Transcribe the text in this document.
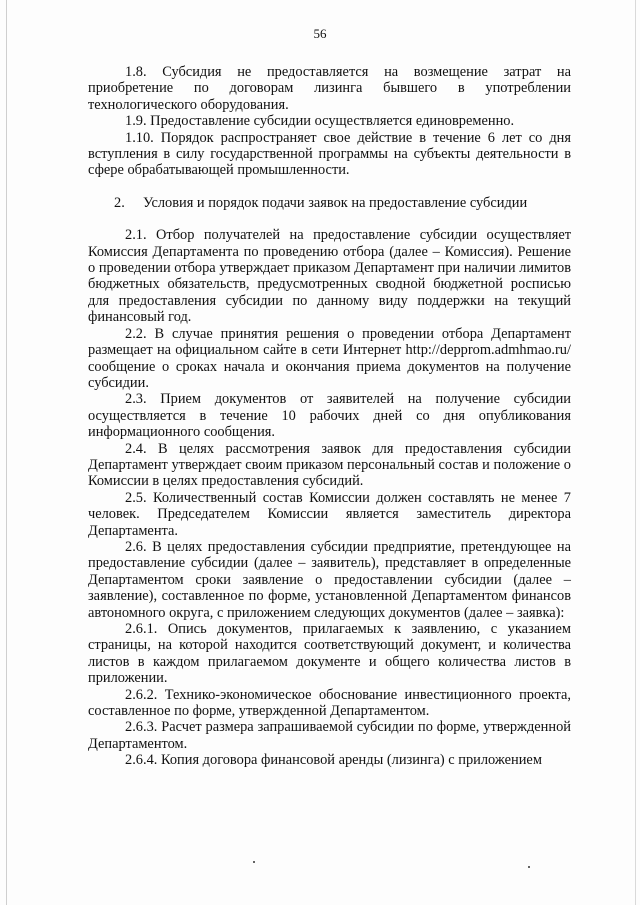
56

1.8. Субсидия не предоставляется на возмещение затрат на приобретение по договорам лизинга бывшего в употреблении технологического оборудования.

1.9. Предоставление субсидии осуществляется единовременно.

1.10. Порядок распространяет свое действие в течение 6 лет со дня вступления в силу государственной программы на субъекты деятельности в сфере обрабатывающей промышленности.

2. Условия и порядок подачи заявок на предоставление субсидии

2.1. Отбор получателей на предоставление субсидии осуществляет Комиссия Департамента по проведению отбора (далее – Комиссия). Решение о проведении отбора утверждает приказом Департамент при наличии лимитов бюджетных обязательств, предусмотренных сводной бюджетной росписью для предоставления субсидии по данному виду поддержки на текущий финансовый год.

2.2. В случае принятия решения о проведении отбора Департамент размещает на официальном сайте в сети Интернет http://depprom.admhmao.ru/ сообщение о сроках начала и окончания приема документов на получение субсидии.

2.3. Прием документов от заявителей на получение субсидии осуществляется в течение 10 рабочих дней со дня опубликования информационного сообщения.

2.4. В целях рассмотрения заявок для предоставления субсидии Департамент утверждает своим приказом персональный состав и положение о Комиссии в целях предоставления субсидий.

2.5. Количественный состав Комиссии должен составлять не менее 7 человек. Председателем Комиссии является заместитель директора Департамента.

2.6. В целях предоставления субсидии предприятие, претендующее на предоставление субсидии (далее – заявитель), представляет в определенные Департаментом сроки заявление о предоставлении субсидии (далее – заявление), составленное по форме, установленной Департаментом финансов автономного округа, с приложением следующих документов (далее – заявка):

2.6.1. Опись документов, прилагаемых к заявлению, с указанием страницы, на которой находится соответствующий документ, и количества листов в каждом прилагаемом документе и общего количества листов в приложении.

2.6.2. Технико-экономическое обоснование инвестиционного проекта, составленное по форме, утвержденной Департаментом.

2.6.3. Расчет размера запрашиваемой субсидии по форме, утвержденной Департаментом.

2.6.4. Копия договора финансовой аренды (лизинга) с приложением
